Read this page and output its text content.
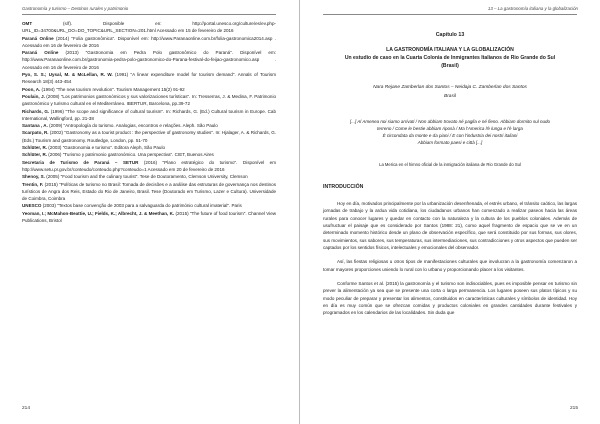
Gastronomía y turismo – Destinos rurales y patrimonio

OMT	(s/f). Disponible en: http://portal.unesco.org/culture/es/ev.php-URL_ID=34700&URL_DO=DO_TOPIC&URL_SECTION=201.html Acessado em 15 de fevereiro de 2016

Paraná Online (2014) "Folia gastronômica". Disponível em: http://www.Paranaonline.com.br/folia-gastronomica2014.asp . Acessado em 16 de fevereiro de 2016

Paraná Online (2013) "Gastronomia em Pedra Polo gastronômico do Paraná". Disponível em: http://www.Paranaonline.com.br/gastronomia-pedra-polo-gastronomico-do-Parana-festival-do-feijao-gastronomico.asp . Acessado em 16 de fevereiro de 2016

Pyo, S. S.; Uysal, M. & McLellan, R. W. (1991) "A linear expenditure model for tourism demand". Annals of Tourism Research 18(3) 443-454

Poon, A. (1994) "The new tourism revolution". Tourism Management 15(2) 91-92

Poulain, J. (2008) "Los patrimonios gastronómicos y sus valorizaciones turísticas". In: Tresserras, J. & Medina, F. Patrimonio gastronómico y turismo cultural en el Mediterráneo. IBERTUR, Barcelona, pp.39-72

Richards, G. (1996) "The scope and significance of cultural tourism". In: Richards, G. (Ed.) Cultural tourism in Europe. Cab International, Wallingford, pp. 21-38

Santana , A. (2009) "Antropología do turismo. Analogias, encontros e relações. Aleph. São Paulo

Scarpato, R. (2002) "Gastronomy as a tourist product : the perspective of gastronomy studies". In: Hjalager, A. & Richards, G. (Eds.) Tourism and gastronomy. Routledge, London, pp. 51-70

Schlüter, R. (2003) "Gastronomia e turismo". Editora Aleph, São Paulo

Schlüter, R. (2006) "Turismo y patrimonio gastronómico. Una perspectiva". CIET, Buenos Aires

Secretaria de Turismo de Paraná – SETUR (2016) "Plano estratégico do turismo". Disponível em http://www.setu.pr.gov.br/conteudo/conteudo.php?conteudo=1 Acessado em 20 de fevereiro de 2016

Shenoy, S. (2005) "Food tourism and the culinary tourist". Tese de Doutoramento, Clemson University, Clemson

Trentin, F. (2015) "Políticas de turismo no Brasil: Tomada de decisões e a análise das estruturas de governança nos destinos turísticos de Angra dos Reis, Estado do Rio de Janeiro, Brasil. Tese (Doutorado em Turismo, Lazer e Cultura). Universidade de Coimbra, Coimbra

UNESCO (2003) "Textos base convenção de 2003 para a salvaguarda do património cultural imaterial". Paris

Yeoman, I.; McMahon-Beattie, U.; Fields, K.; Albrecht, J. & Meethan, K. (2015) "The future of food tourism". Channel View Publications, Bristol

214
13 – La gastronomía italiana y la globalización
Capítulo 13
LA GASTRONOMÍA ITALIANA Y LA GLOBALIZACIÓN
Un estudio de caso en la Cuarta Colonia de Inmigrantes Italianos de Rio Grande do Sul
(Brasil)
Nara Rejane Zamberlan dos Santos – Neidaja C. Zamberlan dos Santos
Brasil
[...] Al Amenea noi siamo arrivati / Non abbiam trovato né paglia e né fieno. Abbiam dormito sul nudo
terreno / Come le bestie abbiam riposà / Ma l'America l'è lunga e l'è larga
È circondata da monte e da piani / E con l'industria dei nostri italiani
Abbiam formato paesi e città [...]
La Merica en el himno oficial de la inmigración italiana de Rio Grande do Sul
INTRODUCCIÓN

Hoy en día, motivados principalmente por la urbanización desenfrenada, el estrés urbano, el tránsito caótico, las largas jornadas de trabajo y la ardua vida cotidiana, los ciudadanos urbanos han comenzado a realizar paseos hacia las áreas rurales para conocer lugares y quedar en contacto con la naturaleza y la cultura de los pueblos coloniales. Además de usufructuar el paisaje que es considerado por Santos (1988: 21), como aquel fragmento de espacio que se ve en un determinado momento histórico desde un plano de observación específico, que será constituido por sus formas, sus olores, sus movimientos, sus sabores, sus temperaturas, sus intermediaciones, sus contradicciones y otros aspectos que pueden ser captados por los sentidos físicos, intelectuales y emocionales del observador.

Así, las fiestas religiosas u otros tipos de manifestaciones culturales que involucran a la gastronomía comenzaron a tomar mayores proporciones uniendo lo rural con lo urbano y proporcionando placer a los visitantes.

Conforme Santos et al. (2015) la gastronomía y el turismo son indisociables, pues es imposible pensar en turismo sin prever la alimentación ya sea que se presente una corta o larga permanencia. Los lugares poseen sus platos típicos y su modo peculiar de preparar y presentar los alimentos, constituidos en características culturales y símbolos de identidad. Hoy en día es muy común que se ofrezcan comidas y productos coloniales en grandes cantidades durante festivales y programados en los calendarios de las localidades. Sin duda que

215
